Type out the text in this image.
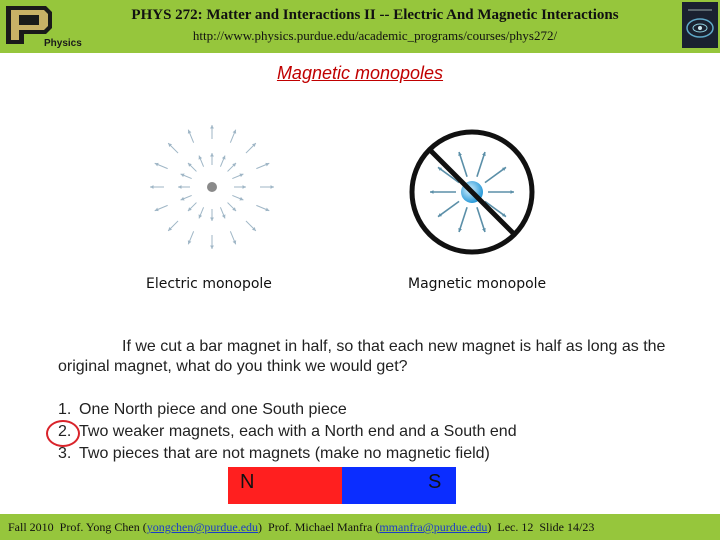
Physics
PHYS 272: Matter and Interactions II -- Electric And Magnetic Interactions
http://www.physics.purdue.edu/academic_programs/courses/phys272/
Magnetic monopoles
Electric monopole	Magnetic monopole
If we cut a bar magnet in half, so that each new magnet is half as long as the
original magnet, what do you think we would get?
1. One North piece and one South piece
2. Two weaker magnets, each with a North end and a South end
3. Two pieces that are not magnets (make no magnetic field)
N	S
Fall 2010 Prof. Yong Chen (yongchen@purdue.edu) Prof. Michael Manfra (mmanfra@purdue.edu) Lec. 12 Slide 14/23
